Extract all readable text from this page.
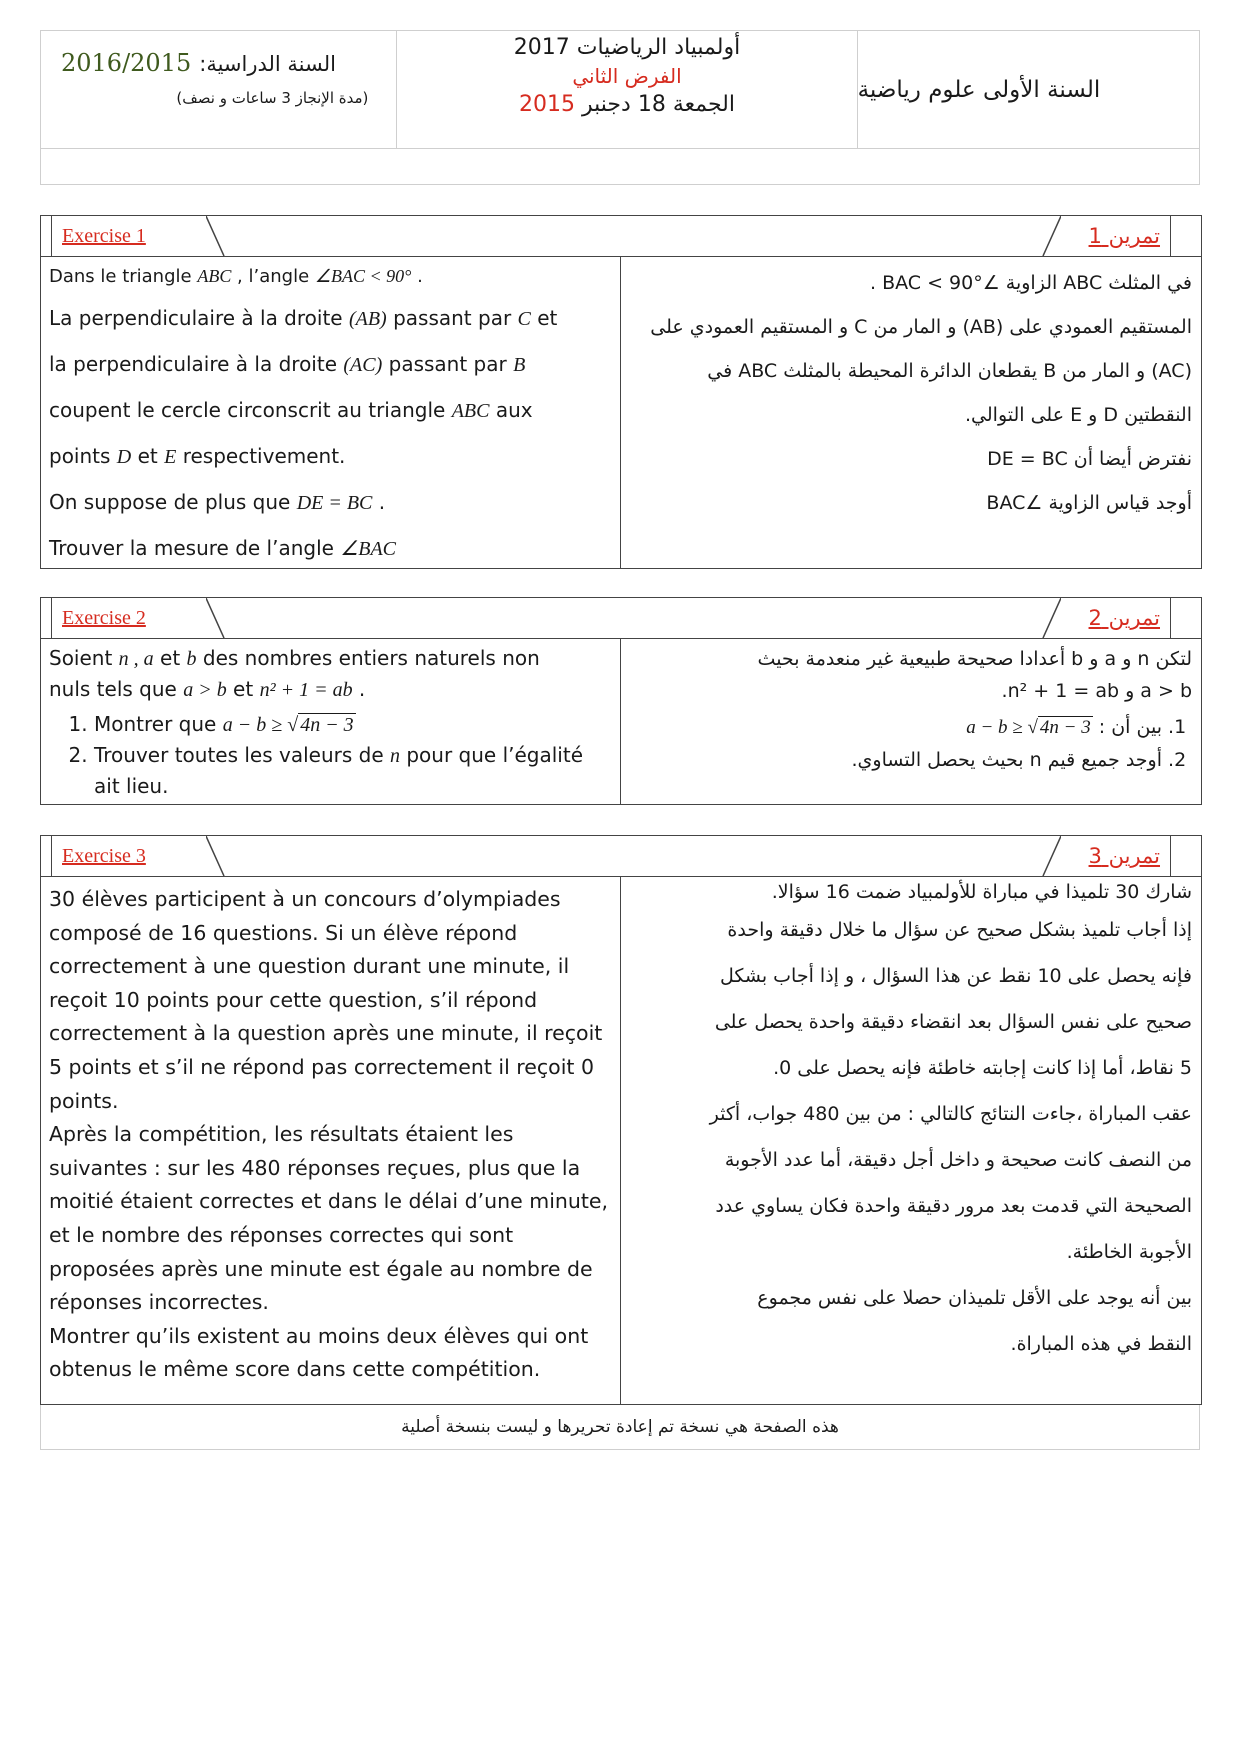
السنة الدراسية:
2016/2015
(مدة الإنجاز 3 ساعات و نصف)
أولمبياد الرياضيات 2017
الفرض الثاني
الجمعة 18 دجنبر 2015
السنة الأولى علوم رياضية
Exercise 1	تمرين 1

Dans le triangle ABC , l’angle ∠BAC < 90° .

La perpendiculaire à la droite (AB) passant par C et

la perpendiculaire à la droite (AC) passant par B

coupent le cercle circonscrit au triangle ABC aux

points D et E respectivement.

On suppose de plus que DE = BC .

Trouver la mesure de l’angle ∠BAC

في المثلث ABC الزاوية ∠BAC < 90° .

المستقيم العمودي على (AB) و المار من C و المستقيم العمودي على

(AC) و المار من B يقطعان الدائرة المحيطة بالمثلث ABC في

النقطتين D و E على التوالي.

نفترض أيضا أن DE = BC

أوجد قياس الزاوية ∠BAC

Exercise 2	تمرين 2
Soient n , a et b des nombres entiers naturels non
nuls tels que a > b et n² + 1 = ab .
1. Montrer que a − b ≥ √ 4n − 3
2. Trouver toutes les valeurs de n pour que l’égalité ait lieu.
لتكن n و a و b أعدادا صحيحة طبيعية غير منعدمة بحيث
a > b و n² + 1 = ab.
1. بين أن : a − b ≥ √ 4n − 3
2. أوجد جميع قيم n بحيث يحصل التساوي.
Exercise 3	تمرين 3
30 élèves participent à un concours d’olympiades composé de 16 questions. Si un élève répond correctement à une question durant une minute, il reçoit 10 points pour cette question, s’il répond correctement à la question après une minute, il reçoit 5 points et s’il ne répond pas correctement il reçoit 0 points.
Après la compétition, les résultats étaient les suivantes : sur les 480 réponses reçues, plus que la moitié étaient correctes et dans le délai d’une minute, et le nombre des réponses correctes qui sont proposées après une minute est égale au nombre de réponses incorrectes.
Montrer qu’ils existent au moins deux élèves qui ont obtenus le même score dans cette compétition.

شارك 30 تلميذا في مباراة للأولمبياد ضمت 16 سؤالا.

إذا أجاب تلميذ بشكل صحيح عن سؤال ما خلال دقيقة واحدة

فإنه يحصل على 10 نقط عن هذا السؤال ، و إذا أجاب بشكل

صحيح على نفس السؤال بعد انقضاء دقيقة واحدة يحصل على

5 نقاط، أما إذا كانت إجابته خاطئة فإنه يحصل على 0.

عقب المباراة ،جاءت النتائج كالتالي : من بين 480 جواب، أكثر

من النصف كانت صحيحة و داخل أجل دقيقة، أما عدد الأجوبة

الصحيحة التي قدمت بعد مرور دقيقة واحدة فكان يساوي عدد

الأجوبة الخاطئة.

بين أنه يوجد على الأقل تلميذان حصلا على نفس مجموع

النقط في هذه المباراة.

هذه الصفحة هي نسخة تم إعادة تحريرها و ليست بنسخة أصلية
